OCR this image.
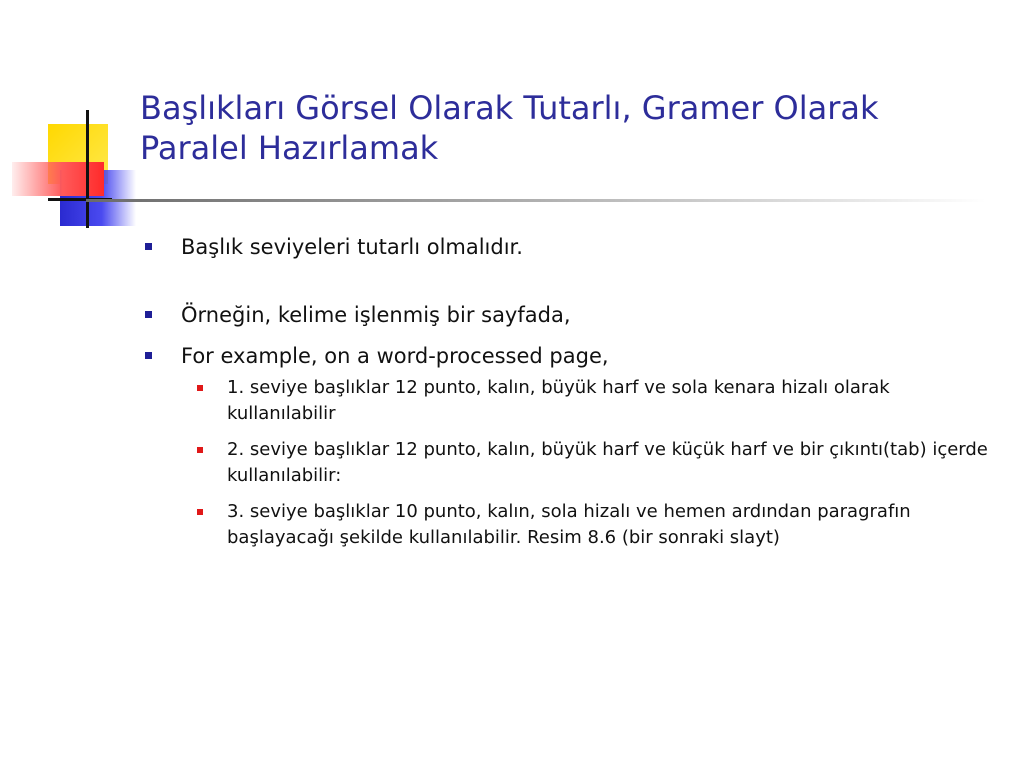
Başlıkları Görsel Olarak Tutarlı, Gramer Olarak
Paralel Hazırlamak
Başlık seviyeleri tutarlı olmalıdır.
Örneğin, kelime işlenmiş bir sayfada,
For example, on a word-processed page,
1. seviye başlıklar 12 punto, kalın, büyük harf ve sola kenara hizalı olarak kullanılabilir
2. seviye başlıklar 12 punto, kalın, büyük harf ve küçük harf ve bir çıkıntı(tab) içerde kullanılabilir:
3. seviye başlıklar 10 punto, kalın, sola hizalı ve hemen ardından paragrafın başlayacağı şekilde kullanılabilir. Resim 8.6 (bir sonraki slayt)
